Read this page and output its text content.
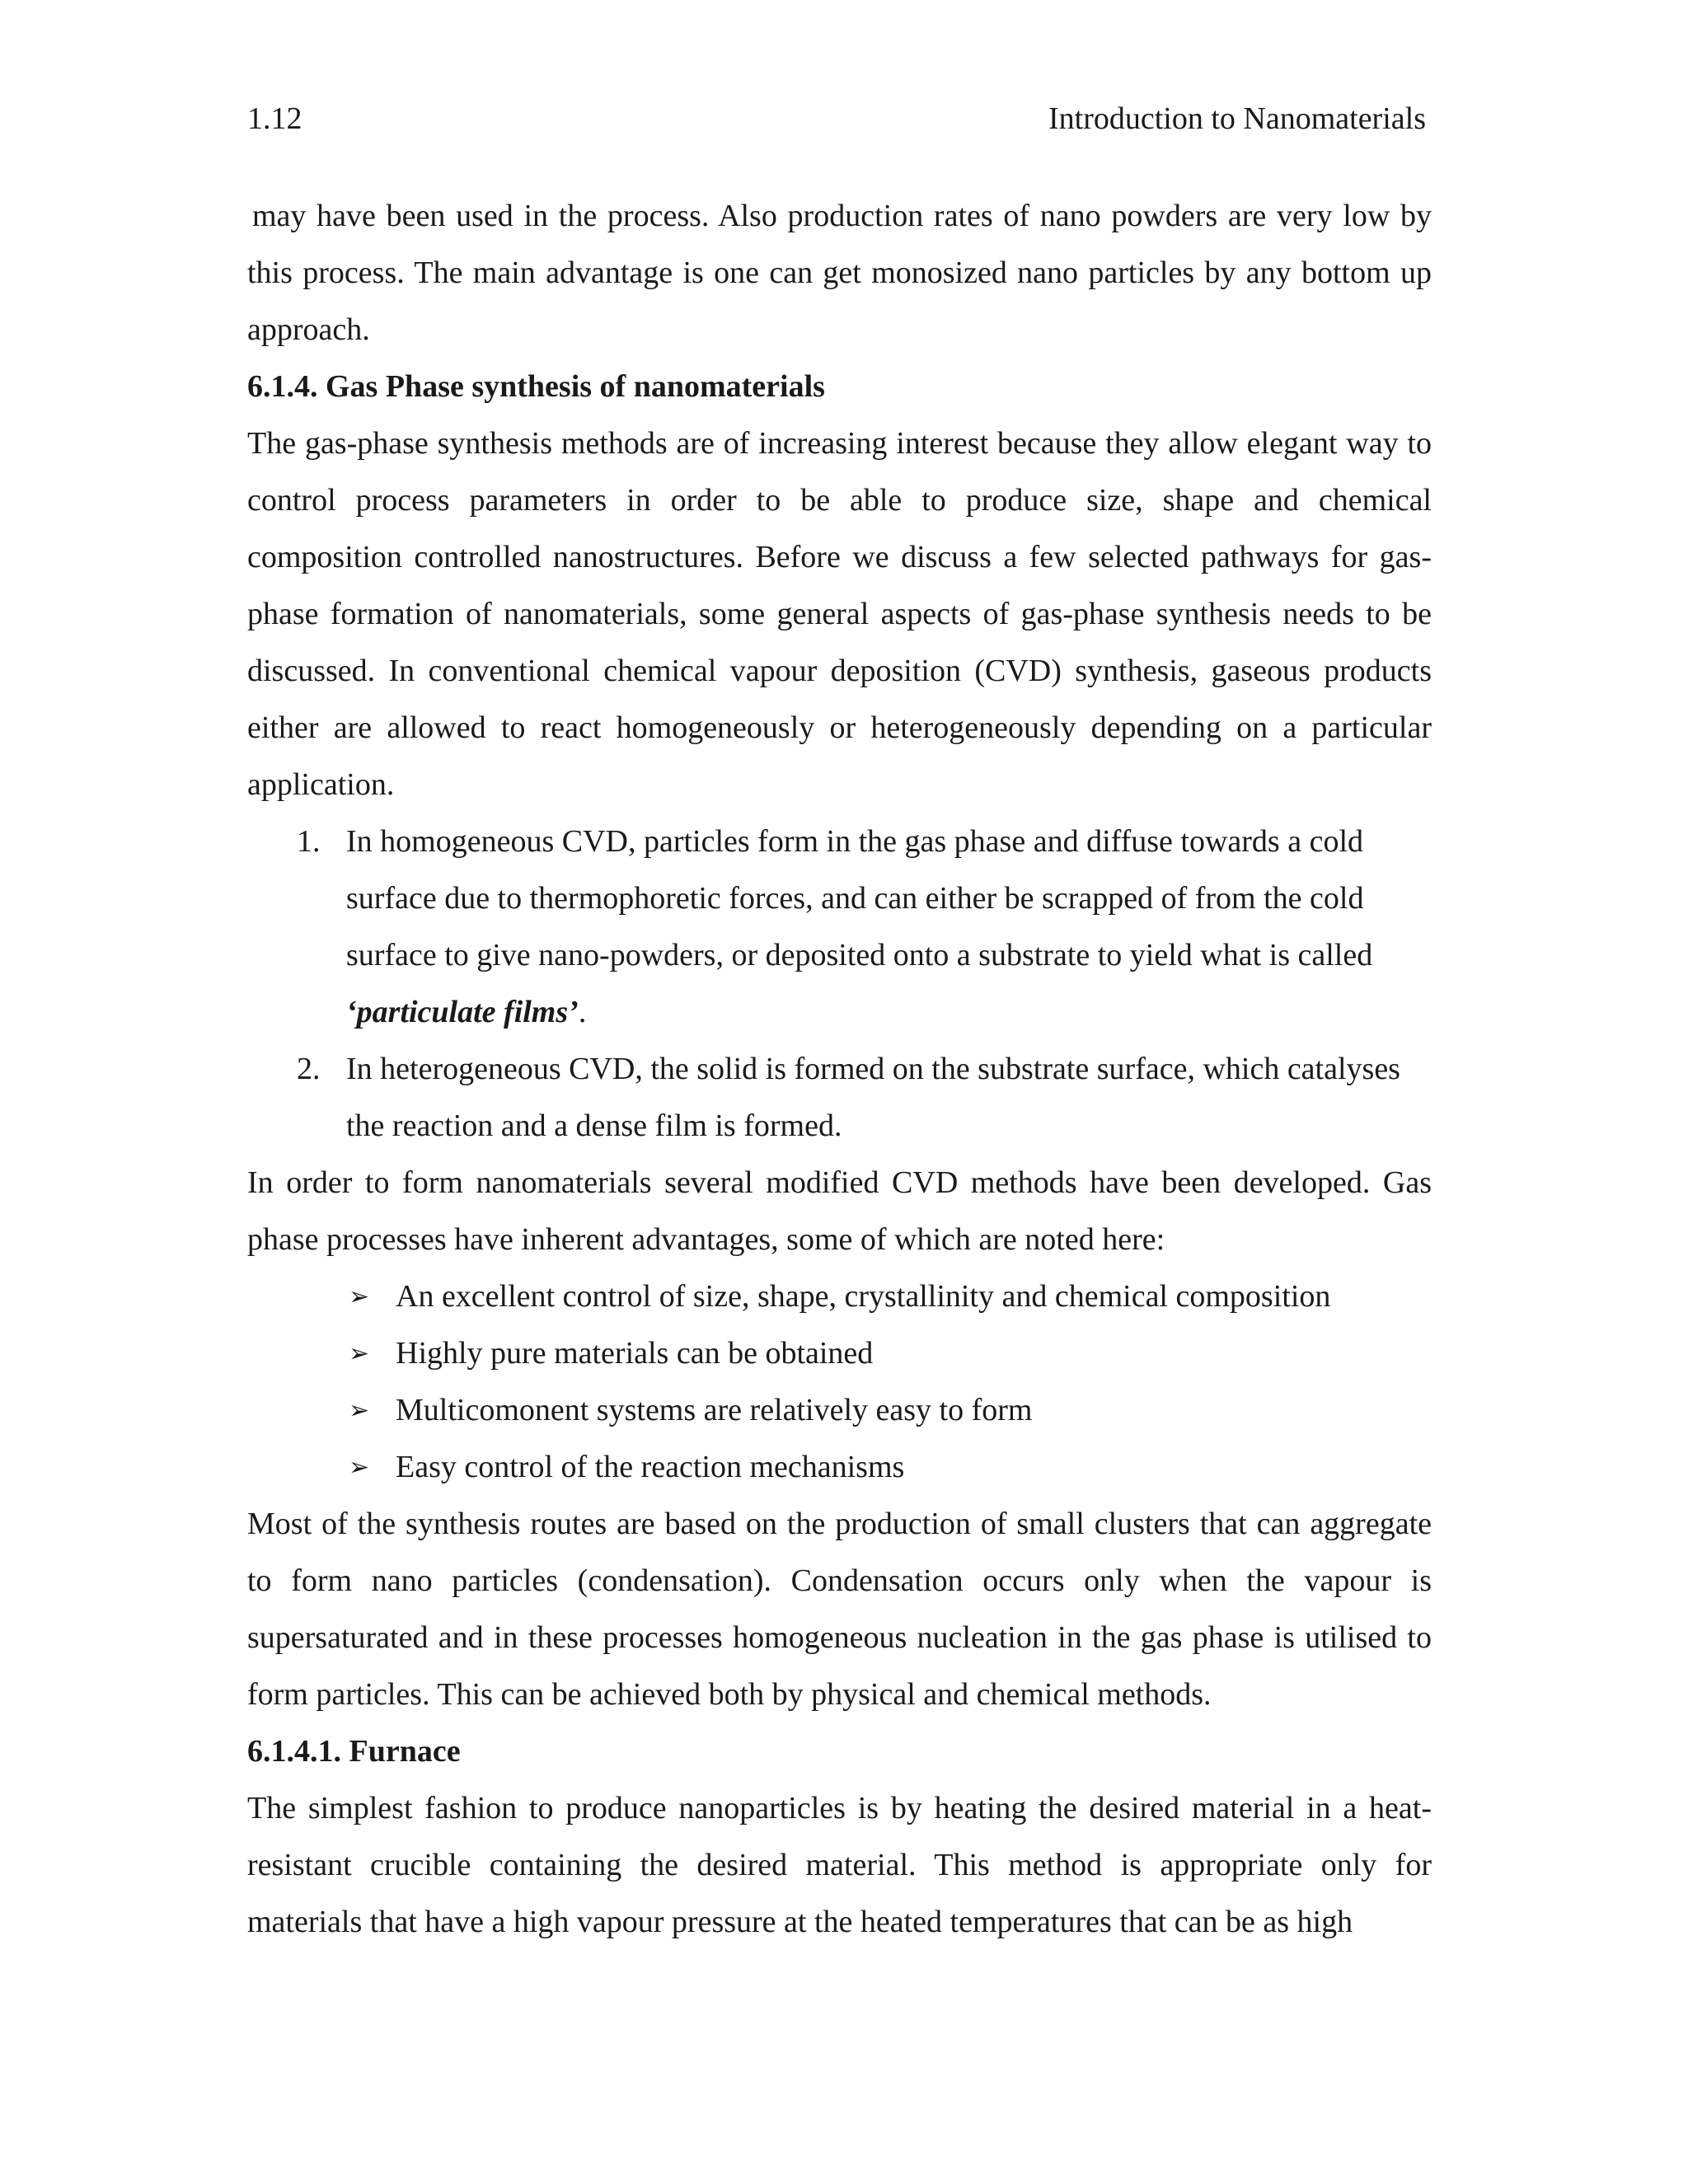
1.12	Introduction to Nanomaterials

may have been used in the process. Also production rates of nano powders are very low by this process. The main advantage is one can get monosized nano particles by any bottom up approach.

6.1.4. Gas Phase synthesis of nanomaterials

The gas-phase synthesis methods are of increasing interest because they allow elegant way to control process parameters in order to be able to produce size, shape and chemical composition controlled nanostructures. Before we discuss a few selected pathways for gas-phase formation of nanomaterials, some general aspects of gas-phase synthesis needs to be discussed. In conventional chemical vapour deposition (CVD) synthesis, gaseous products either are allowed to react homogeneously or heterogeneously depending on a particular application.

1. In homogeneous CVD, particles form in the gas phase and diffuse towards a cold surface due to thermophoretic forces, and can either be scrapped of from the cold surface to give nano-powders, or deposited onto a substrate to yield what is called ‘particulate films’.
2. In heterogeneous CVD, the solid is formed on the substrate surface, which catalyses the reaction and a dense film is formed.

In order to form nanomaterials several modified CVD methods have been developed. Gas phase processes have inherent advantages, some of which are noted here:

➢ An excellent control of size, shape, crystallinity and chemical composition
➢ Highly pure materials can be obtained
➢ Multicomonent systems are relatively easy to form
➢ Easy control of the reaction mechanisms

Most of the synthesis routes are based on the production of small clusters that can aggregate to form nano particles (condensation). Condensation occurs only when the vapour is supersaturated and in these processes homogeneous nucleation in the gas phase is utilised to form particles. This can be achieved both by physical and chemical methods.

6.1.4.1. Furnace

The simplest fashion to produce nanoparticles is by heating the desired material in a heat-resistant crucible containing the desired material. This method is appropriate only for materials that have a high vapour pressure at the heated temperatures that can be as high
